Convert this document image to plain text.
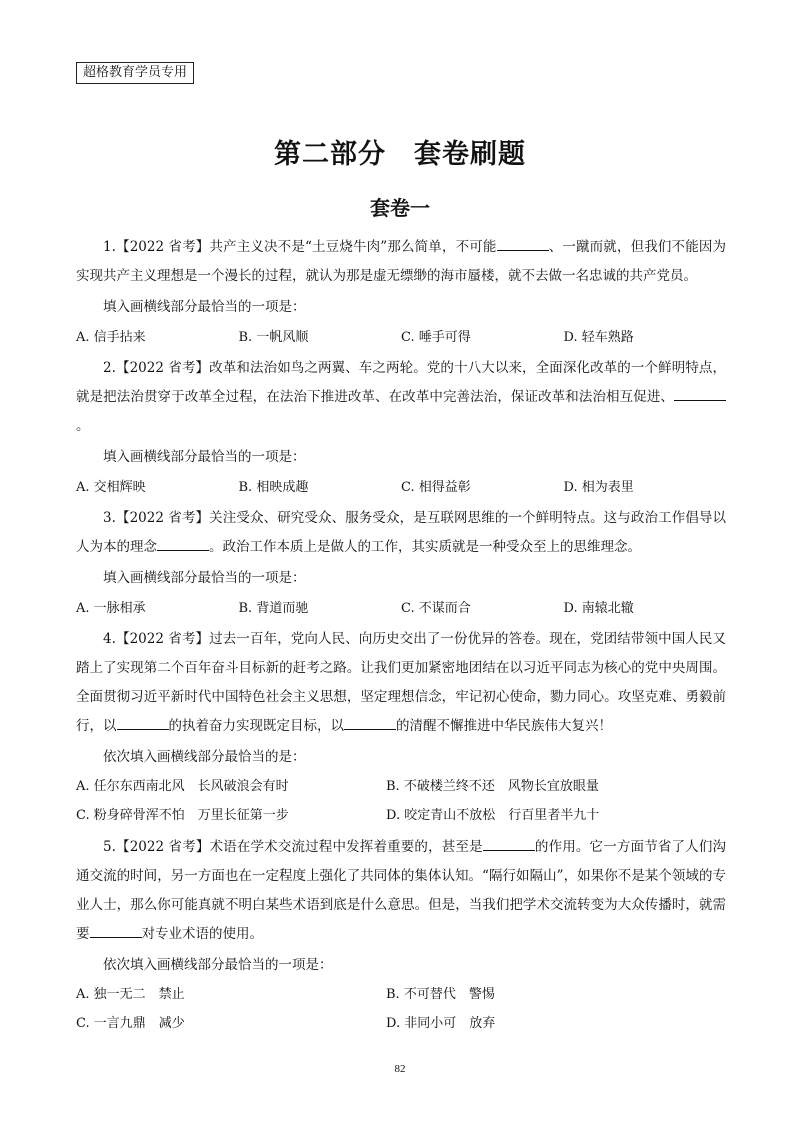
超格教育学员专用
第二部分　套卷刷题
套卷一

1.【2022 省考】共产主义决不是“土豆烧牛肉”那么简单，不可能	、一蹴而就，但我们不能因为实现共产主义理想是一个漫长的过程，就认为那是虚无缥缈的海市蜃楼，就不去做一名忠诚的共产党员。

填入画横线部分最恰当的一项是：

A. 信手拈来	B. 一帆风顺	C. 唾手可得	D. 轻车熟路

2.【2022 省考】改革和法治如鸟之两翼、车之两轮。党的十八大以来，全面深化改革的一个鲜明特点，就是把法治贯穿于改革全过程，在法治下推进改革、在改革中完善法治，保证改革和法治相互促进、。

填入画横线部分最恰当的一项是：

A. 交相辉映	B. 相映成趣	C. 相得益彰	D. 相为表里

3.【2022 省考】关注受众、研究受众、服务受众，是互联网思维的一个鲜明特点。这与政治工作倡导以人为本的理念	。政治工作本质上是做人的工作，其实质就是一种受众至上的思维理念。

填入画横线部分最恰当的一项是：

A. 一脉相承	B. 背道而驰	C. 不谋而合	D. 南辕北辙

4.【2022 省考】过去一百年，党向人民、向历史交出了一份优异的答卷。现在，党团结带领中国人民又踏上了实现第二个百年奋斗目标新的赶考之路。让我们更加紧密地团结在以习近平同志为核心的党中央周围。全面贯彻习近平新时代中国特色社会主义思想，坚定理想信念，牢记初心使命，勠力同心。攻坚克难、勇毅前行，以	的执着奋力实现既定目标，以	的清醒不懈推进中华民族伟大复兴！

依次填入画横线部分最恰当的是：

A. 任尔东西南北风　长风破浪会有时	B. 不破楼兰终不还　风物长宜放眼量
C. 粉身碎骨浑不怕　万里长征第一步	D. 咬定青山不放松　行百里者半九十

5.【2022 省考】术语在学术交流过程中发挥着重要的，甚至是	的作用。它一方面节省了人们沟通交流的时间，另一方面也在一定程度上强化了共同体的集体认知。“隔行如隔山”，如果你不是某个领域的专业人士，那么你可能真就不明白某些术语到底是什么意思。但是，当我们把学术交流转变为大众传播时，就需要	对专业术语的使用。

依次填入画横线部分最恰当的一项是：

A. 独一无二　禁止	B. 不可替代　警惕
C. 一言九鼎　减少	D. 非同小可　放弃
82
